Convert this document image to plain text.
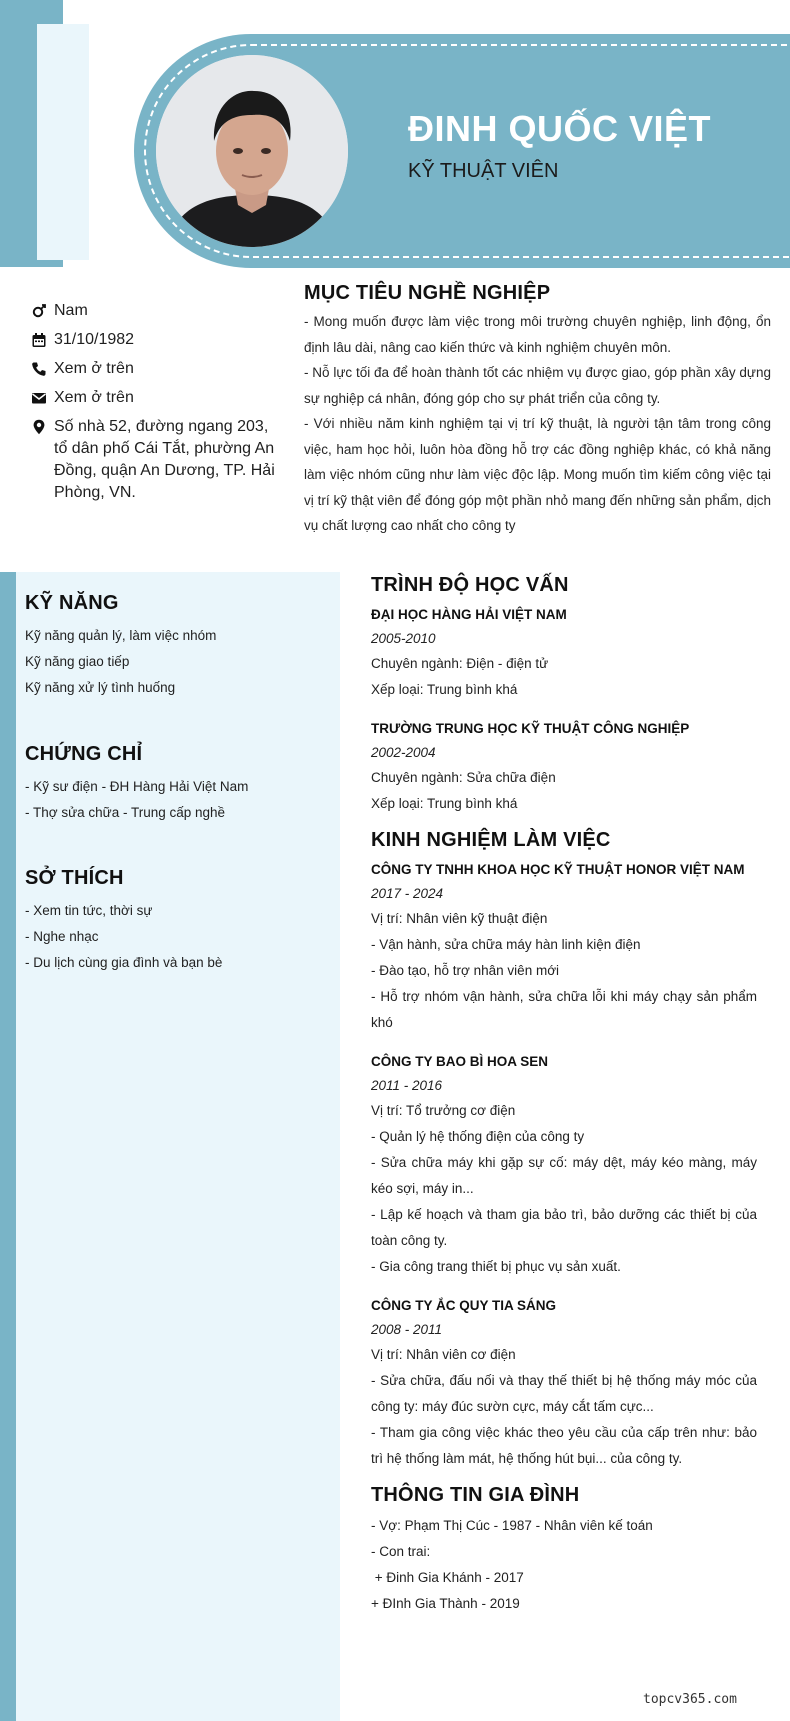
ĐINH QUỐC VIỆT
KỸ THUẬT VIÊN
Nam
31/10/1982
Xem ở trên
Xem ở trên
Số nhà 52, đường ngang 203, tổ dân phố Cái Tắt, phường An Đồng, quận An Dương, TP. Hải Phòng, VN.
MỤC TIÊU NGHỀ NGHIỆP

- Mong muốn được làm việc trong môi trường chuyên nghiệp, linh động, ổn định lâu dài, nâng cao kiến thức và kinh nghiệm chuyên môn.

- Nỗ lực tối đa để hoàn thành tốt các nhiệm vụ được giao, góp phần xây dựng sự nghiệp cá nhân, đóng góp cho sự phát triển của công ty.

- Với nhiều năm kinh nghiệm tại vị trí kỹ thuật, là người tận tâm trong công việc, ham học hỏi, luôn hòa đồng hỗ trợ các đồng nghiệp khác, có khả năng làm việc nhóm cũng như làm việc độc lập. Mong muốn tìm kiếm công việc tại vị trí kỹ thật viên để đóng góp một phần nhỏ mang đến những sản phẩm, dịch vụ chất lượng cao nhất cho công ty

KỸ NĂNG
Kỹ năng quản lý, làm việc nhóm
Kỹ năng giao tiếp
Kỹ năng xử lý tình huống
CHỨNG CHỈ
- Kỹ sư điện - ĐH Hàng Hải Việt Nam
- Thợ sửa chữa - Trung cấp nghề
SỞ THÍCH
- Xem tin tức, thời sự
- Nghe nhạc
- Du lịch cùng gia đình và bạn bè
TRÌNH ĐỘ HỌC VẤN
ĐẠI HỌC HÀNG HẢI VIỆT NAM
2005-2010
Chuyên ngành: Điện - điện tử
Xếp loại: Trung bình khá
TRƯỜNG TRUNG HỌC KỸ THUẬT CÔNG NGHIỆP
2002-2004
Chuyên ngành: Sửa chữa điện
Xếp loại: Trung bình khá
KINH NGHIỆM LÀM VIỆC
CÔNG TY TNHH KHOA HỌC KỸ THUẬT HONOR VIỆT NAM
2017 - 2024
Vị trí: Nhân viên kỹ thuật điện
- Vận hành, sửa chữa máy hàn linh kiện điện
- Đào tạo, hỗ trợ nhân viên mới
- Hỗ trợ nhóm vận hành, sửa chữa lỗi khi máy chạy sản phẩm khó
CÔNG TY BAO BÌ HOA SEN
2011 - 2016
Vị trí: Tổ trưởng cơ điện
- Quản lý hệ thống điện của công ty
- Sửa chữa máy khi gặp sự cố: máy dệt, máy kéo màng, máy kéo sợi, máy in...
- Lập kế hoạch và tham gia bảo trì, bảo dưỡng các thiết bị của toàn công ty.
- Gia công trang thiết bị phục vụ sản xuất.
CÔNG TY ẮC QUY TIA SÁNG
2008 - 2011
Vị trí: Nhân viên cơ điện
- Sửa chữa, đấu nối và thay thế thiết bị hệ thống máy móc của công ty: máy đúc sườn cực, máy cắt tấm cực...
- Tham gia công việc khác theo yêu cầu của cấp trên như: bảo trì hệ thống làm mát, hệ thống hút bụi... của công ty.
THÔNG TIN GIA ĐÌNH
- Vợ: Phạm Thị Cúc - 1987 - Nhân viên kế toán
- Con trai:
+ Đinh Gia Khánh - 2017
+ ĐInh Gia Thành - 2019
topcv365.com
